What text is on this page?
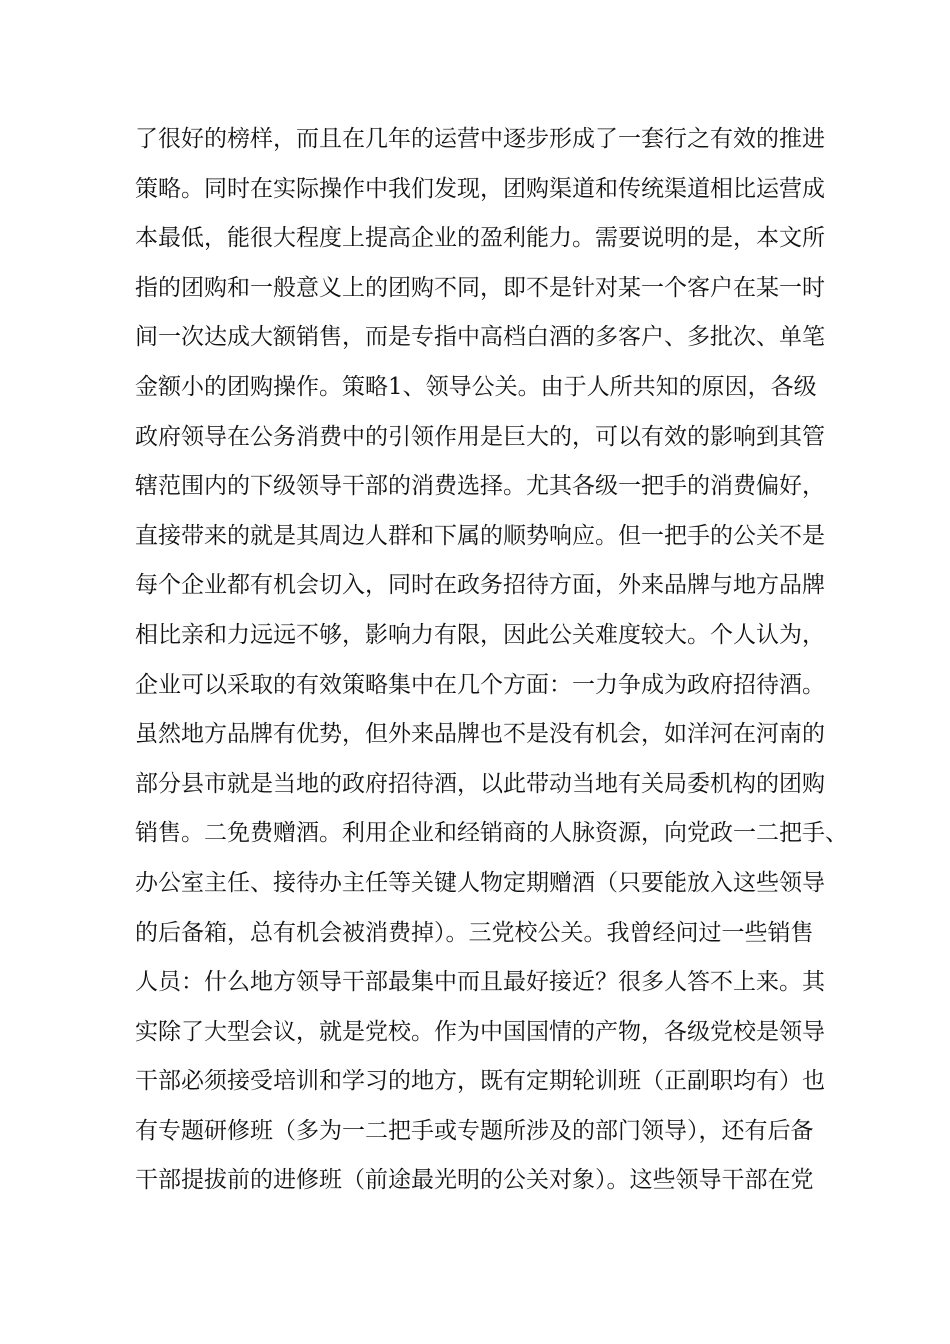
了很好的榜样，而且在几年的运营中逐步形成了一套行之有效的推进
策略。同时在实际操作中我们发现，团购渠道和传统渠道相比运营成
本最低，能很大程度上提高企业的盈利能力。需要说明的是，本文所
指的团购和一般意义上的团购不同，即不是针对某一个客户在某一时
间一次达成大额销售，而是专指中高档白酒的多客户、多批次、单笔
金额小的团购操作。策略1、领导公关。由于人所共知的原因，各级
政府领导在公务消费中的引领作用是巨大的，可以有效的影响到其管
辖范围内的下级领导干部的消费选择。尤其各级一把手的消费偏好，
直接带来的就是其周边人群和下属的顺势响应。但一把手的公关不是
每个企业都有机会切入，同时在政务招待方面，外来品牌与地方品牌
相比亲和力远远不够，影响力有限，因此公关难度较大。个人认为，
企业可以采取的有效策略集中在几个方面：一力争成为政府招待酒。
虽然地方品牌有优势，但外来品牌也不是没有机会，如洋河在河南的
部分县市就是当地的政府招待酒，以此带动当地有关局委机构的团购
销售。二免费赠酒。利用企业和经销商的人脉资源，向党政一二把手、
办公室主任、接待办主任等关键人物定期赠酒（只要能放入这些领导
的后备箱，总有机会被消费掉）。三党校公关。我曾经问过一些销售
人员：什么地方领导干部最集中而且最好接近？很多人答不上来。其
实除了大型会议，就是党校。作为中国国情的产物，各级党校是领导
干部必须接受培训和学习的地方，既有定期轮训班（正副职均有）也
有专题研修班（多为一二把手或专题所涉及的部门领导），还有后备
干部提拔前的进修班（前途最光明的公关对象）。这些领导干部在党
